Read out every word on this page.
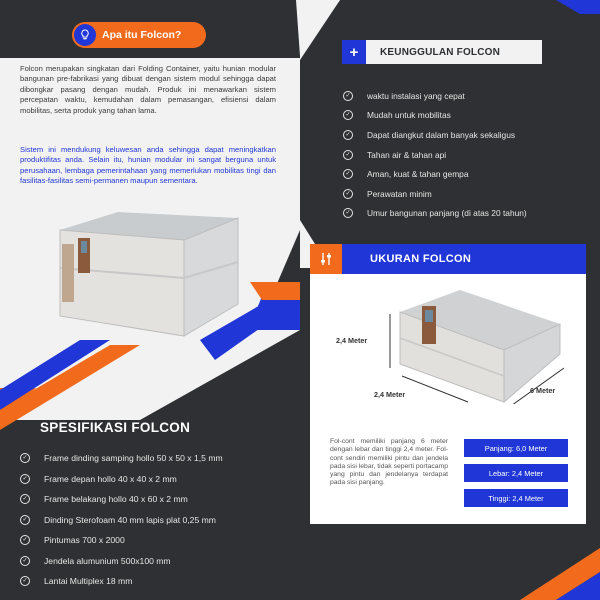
Apa itu Folcon?

Folcon merupakan singkatan dari Folding Container, yaitu hunian modular bangunan pre-fabrikasi yang dibuat dengan sistem modul sehingga dapat dibongkar pasang dengan mudah. Produk ini menawarkan sistem percepatan waktu, kemudahan dalam pemasangan, efisiensi dalam mobilitas, serta produk yang tahan lama.

Sistem ini mendukung keluwesan anda sehingga dapat meningkatkan produktifitas anda. Selain itu, hunian modular ini sangat berguna untuk perusahaan, lembaga pemerintahaan yang memerlukan mobilitas tingi dan fasilitas-fasilitas semi-permanen maupun sementara.

SPESIFIKASI FOLCON
✓ Frame dinding samping hollo 50 x 50 x 1,5 mm
✓ Frame depan hollo 40 x 40 x 2 mm
✓ Frame belakang hollo 40 x 60 x 2 mm
✓ Dinding Sterofoam 40 mm lapis plat 0,25 mm
✓ Pintumas 700 x 2000
✓ Jendela alumunium 500x100 mm
✓ Lantai Multiplex 18 mm
+	KEUNGGULAN FOLCON
✓ waktu instalasi yang cepat
✓ Mudah untuk mobilitas
✓ Dapat diangkut dalam banyak sekaligus
✓ Tahan air & tahan api
✓ Aman, kuat & tahan gempa
✓ Perawatan minim
✓ Umur bangunan panjang (di atas 20 tahun)
UKURAN FOLCON
2,4 Meter
2,4 Meter	6 Meter

Fol-cont memiliki panjang 6 meter dengan lebar dan tinggi 2,4 meter. Fol-cont sendiri memiliki pintu dan jendela pada sisi lebar, tidak seperti portacamp yang pintu dan jendelanya terdapat pada sisi panjang.

Panjang: 6,0 Meter
Lebar: 2,4 Meter
Tinggi: 2,4 Meter
